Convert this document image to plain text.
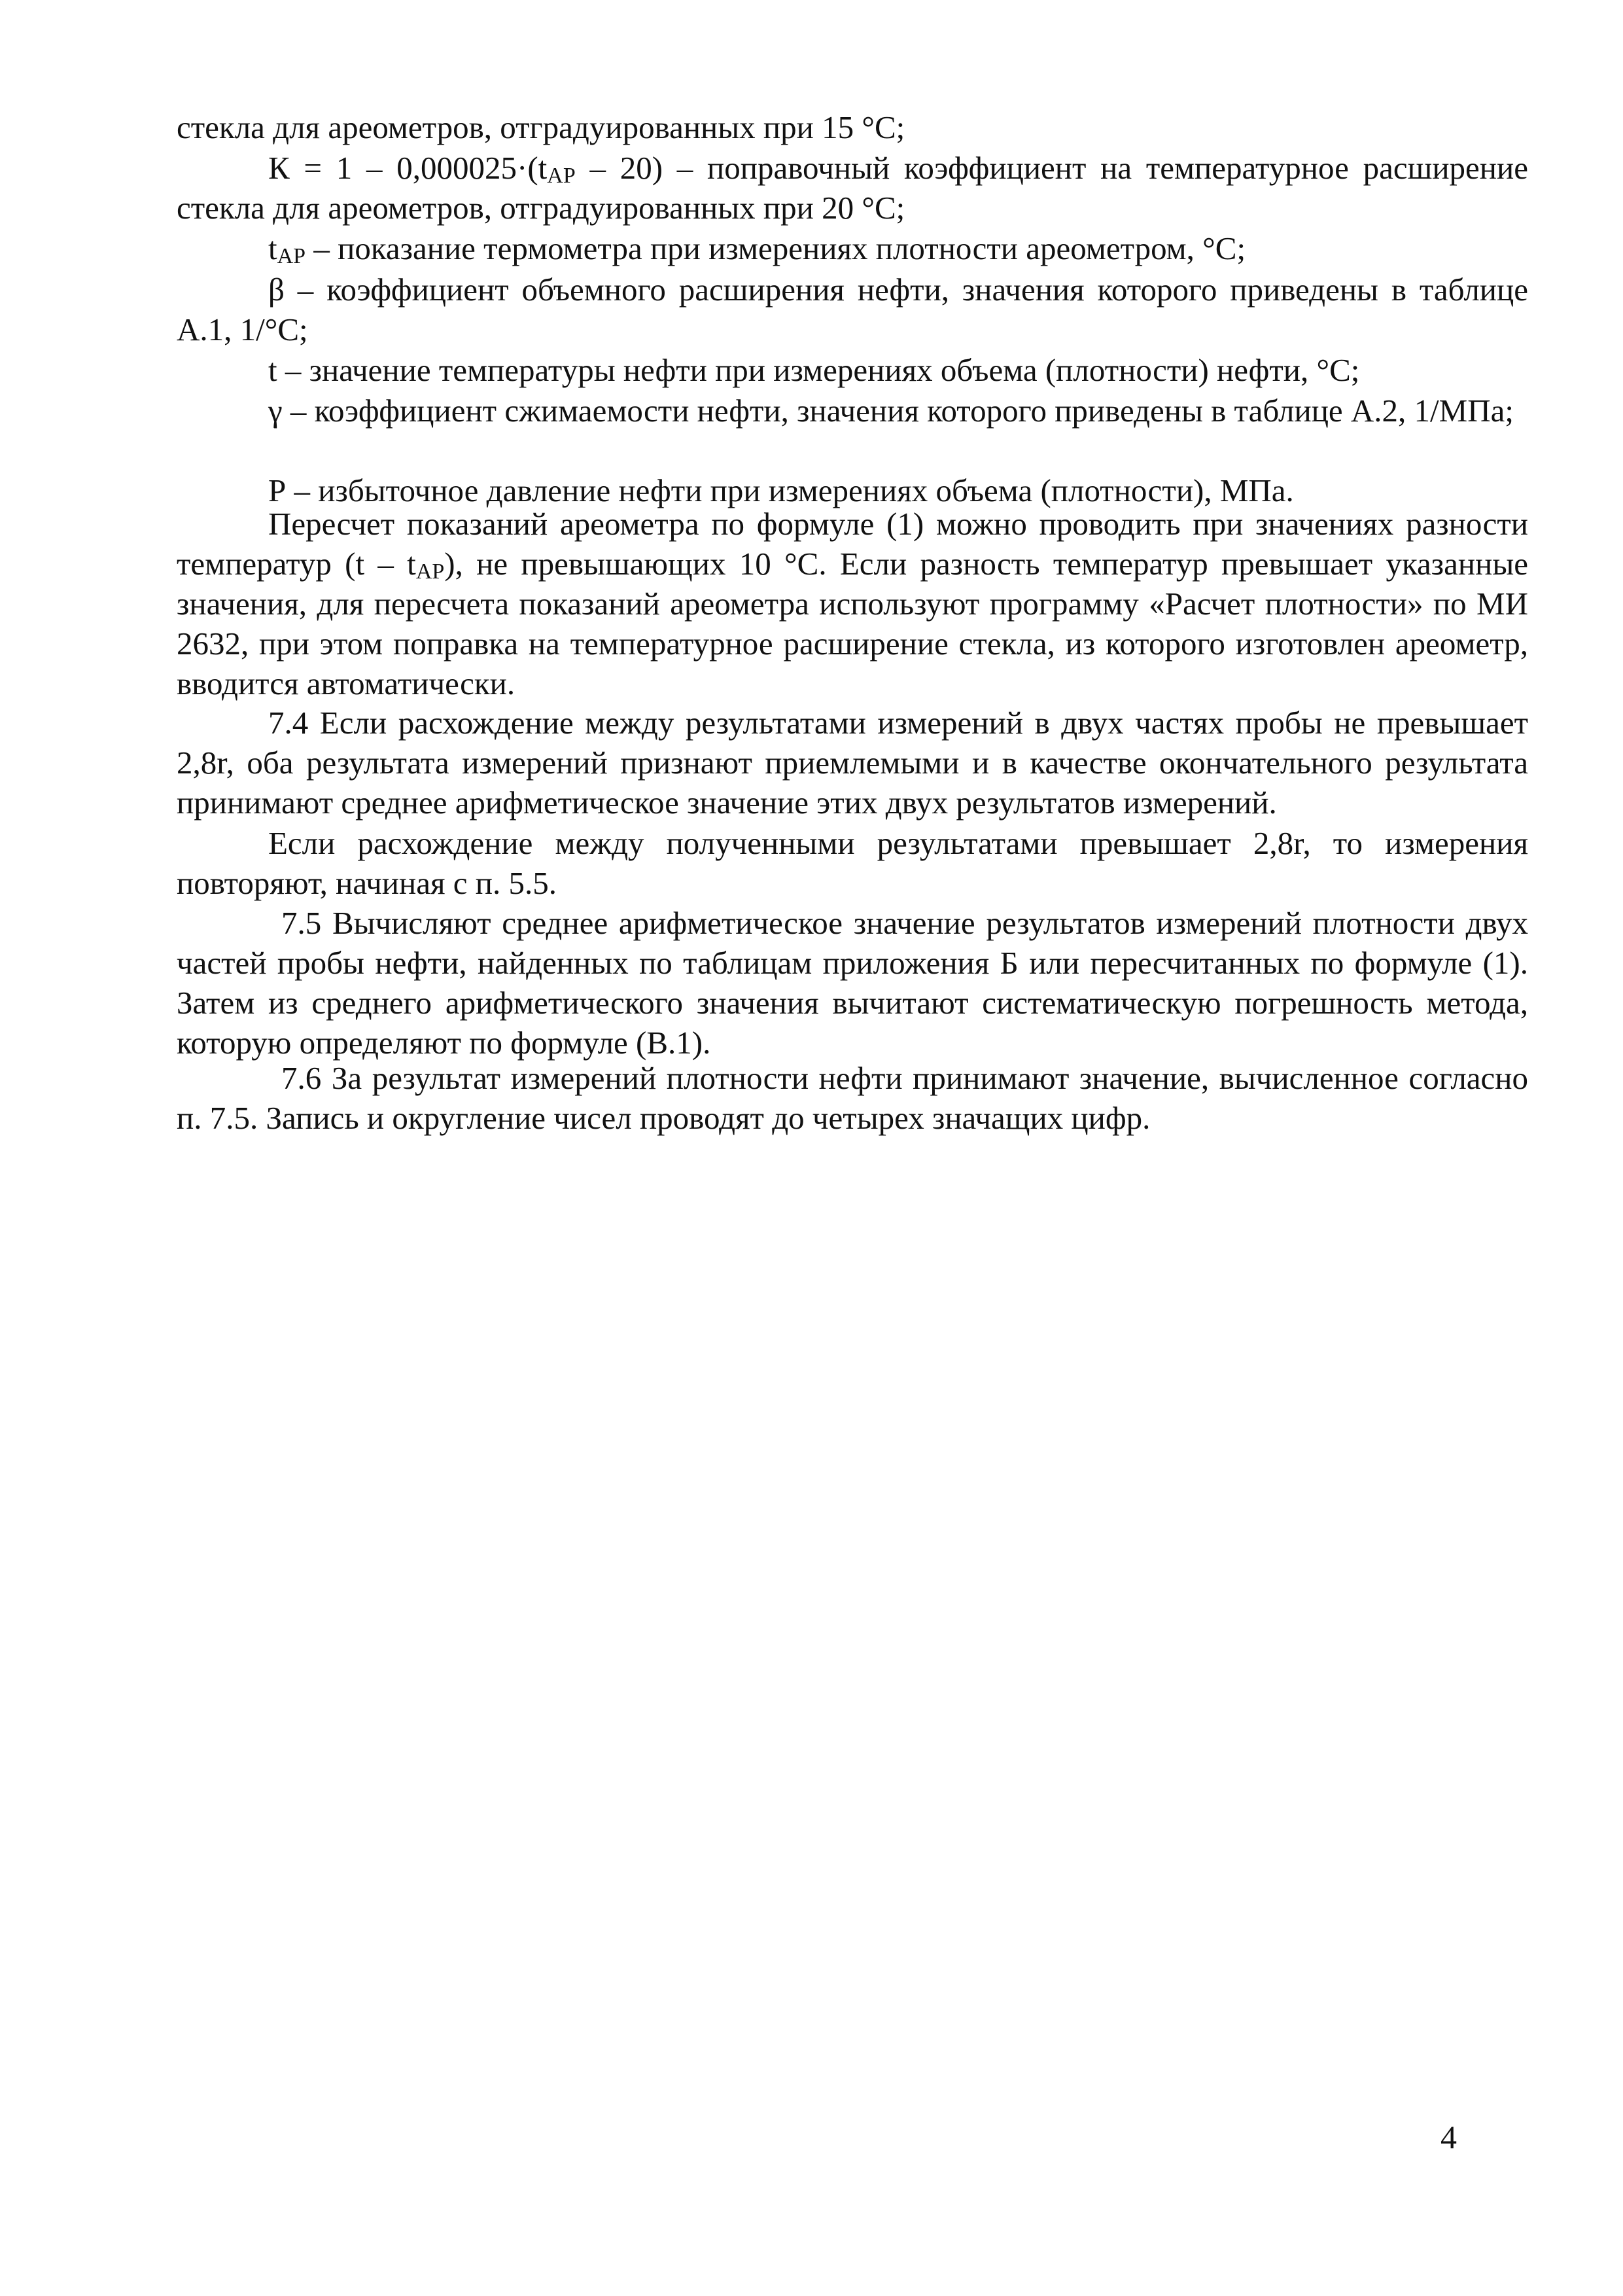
стекла для ареометров, отградуированных при 15 °С;

К = 1 – 0,000025·(tAP – 20) – поправочный коэффициент на температурное расширение стекла для ареометров, отградуированных при 20 °С;

tAP – показание термометра при измерениях плотности ареометром, °С;

β – коэффициент объемного расширения нефти, значения которого приведены в таблице А.1, 1/°С;

t – значение температуры нефти при измерениях объема (плотности) нефти, °С;

γ – коэффициент сжимаемости нефти, значения которого приведены в таблице А.2, 1/МПа;

Р – избыточное давление нефти при измерениях объема (плотности), МПа.

Пересчет показаний ареометра по формуле (1) можно проводить при значениях разности температур (t – tAP), не превышающих 10 °С. Если разность температур превышает указанные значения, для пересчета показаний ареометра используют программу «Расчет плотности» по МИ 2632, при этом поправка на температурное расширение стекла, из которого изготовлен ареометр, вводится автоматически.

7.4 Если расхождение между результатами измерений в двух частях пробы не превышает 2,8r, оба результата измерений признают приемлемыми и в качестве окончательного результата принимают среднее арифметическое значение этих двух результатов измерений.

Если расхождение между полученными результатами превышает 2,8r, то измерения повторяют, начиная с п. 5.5.

7.5 Вычисляют среднее арифметическое значение результатов измерений плотности двух частей пробы нефти, найденных по таблицам приложения Б или пересчитанных по формуле (1). Затем из среднего арифметического значения вычитают систематическую погрешность метода, которую определяют по формуле (В.1).

7.6 За результат измерений плотности нефти принимают значение, вычисленное согласно п. 7.5. Запись и округление чисел проводят до четырех значащих цифр.

4
